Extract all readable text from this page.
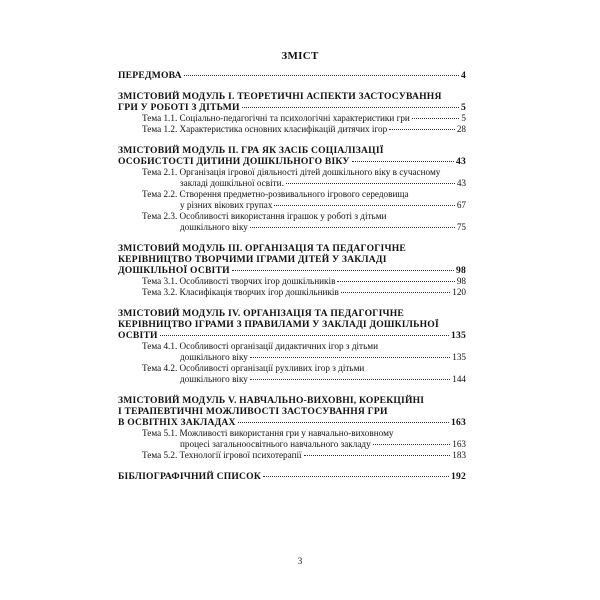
ЗМІСТ
ПЕРЕДМОВА	4
ЗМІСТОВИЙ МОДУЛЬ I. ТЕОРЕТИЧНІ АСПЕКТИ ЗАСТОСУВАННЯ
ГРИ У РОБОТІ З ДІТЬМИ	5
Тема 1.1. Соціально-педагогічні та психологічні характеристики гри	5
Тема 1.2. Характеристика основних класифікацій дитячих ігор	28
ЗМІСТОВИЙ МОДУЛЬ II. ГРА ЯК ЗАСІБ СОЦІАЛІЗАЦІЇ
ОСОБИСТОСТІ ДИТИНИ ДОШКІЛЬНОГО ВІКУ	43
Тема 2.1. Організація ігрової діяльності дітей дошкільного віку в сучасному
закладі дошкільної освіти.	43
Тема 2.2. Створення предметно-розвивального ігрового середовища
у різних вікових групах	67
Тема 2.3. Особливості використання іграшок у роботі з дітьми
дошкільного віку	75
ЗМІСТОВИЙ МОДУЛЬ III. ОРГАНІЗАЦІЯ ТА ПЕДАГОГІЧНЕ
КЕРІВНИЦТВО ТВОРЧИМИ ІГРАМИ ДІТЕЙ У ЗАКЛАДІ
ДОШКІЛЬНОЇ ОСВІТИ	98
Тема 3.1. Особливості творчих ігор дошкільників	98
Тема 3.2. Класифікація творчих ігор дошкільників	120
ЗМІСТОВИЙ МОДУЛЬ IV. ОРГАНІЗАЦІЯ ТА ПЕДАГОГІЧНЕ
КЕРІВНИЦТВО ІГРАМИ З ПРАВИЛАМИ У ЗАКЛАДІ ДОШКІЛЬНОЇ
ОСВІТИ	135
Тема 4.1. Особливості організації дидактичних ігор з дітьми
дошкільного віку	135
Тема 4.2. Особливості організації рухливих ігор з дітьми
дошкільного віку	144
ЗМІСТОВИЙ МОДУЛЬ V. НАВЧАЛЬНО-ВИХОВНІ, КОРЕКЦІЙНІ
І ТЕРАПЕВТИЧНІ МОЖЛИВОСТІ ЗАСТОСУВАННЯ ГРИ
В ОСВІТНІХ ЗАКЛАДАХ	163
Тема 5.1. Можливості використання гри у навчально-виховному
процесі загальноосвітнього навчального закладу	163
Тема 5.2. Технології ігрової психотерапії	183
БІБЛІОГРАФІЧНИЙ СПИСОК	192
3
